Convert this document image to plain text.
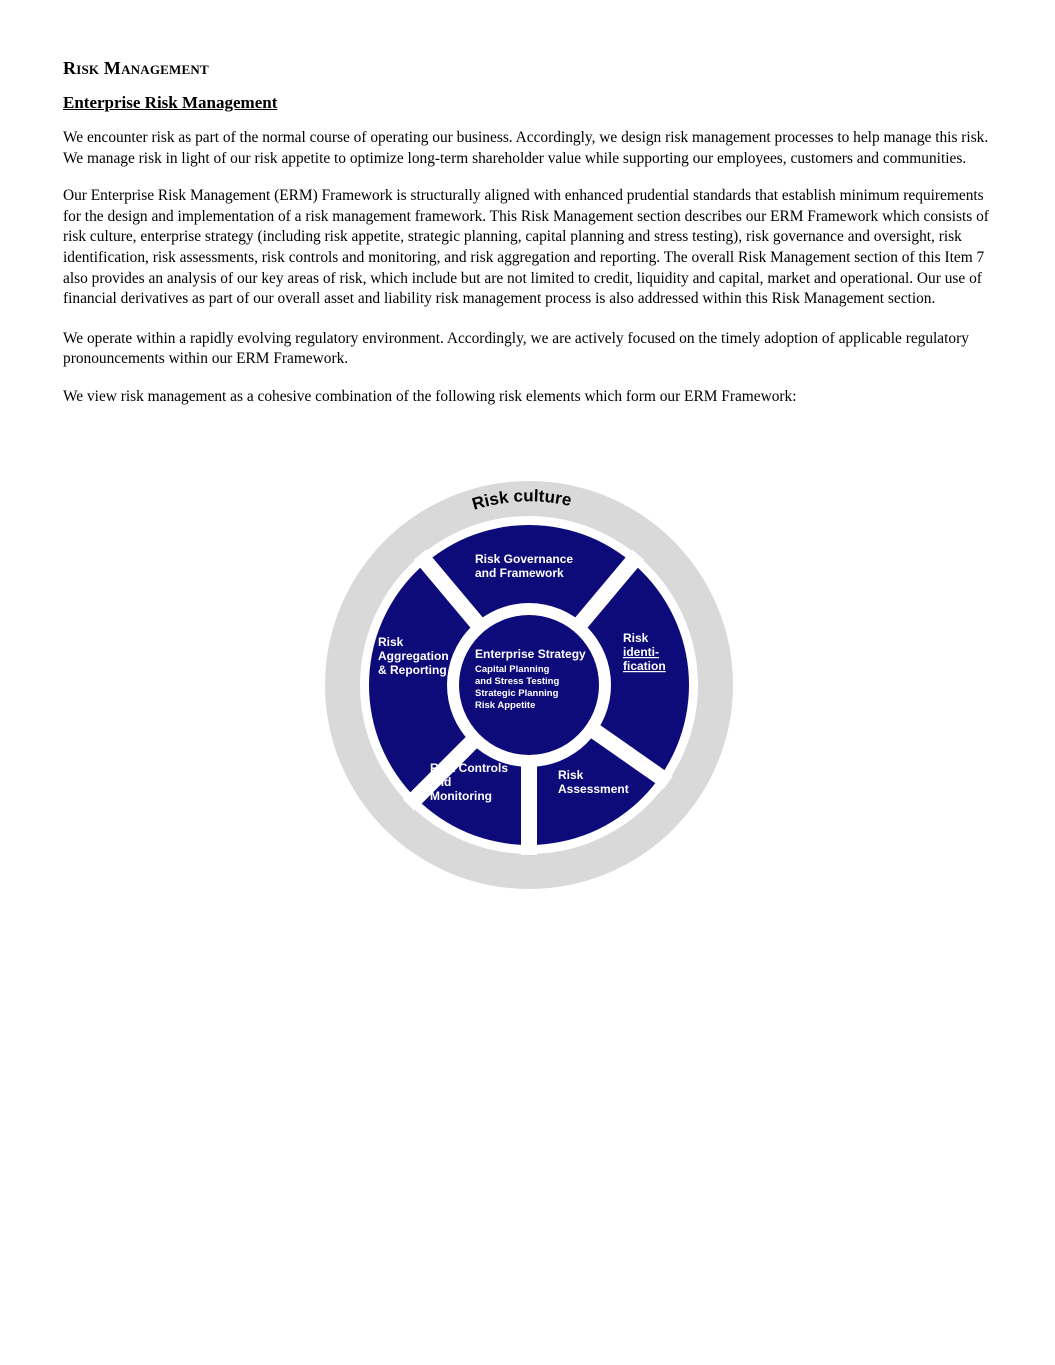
Risk Management
Enterprise Risk Management

We encounter risk as part of the normal course of operating our business. Accordingly, we design risk management processes to help manage this risk. We manage risk in light of our risk appetite to optimize long-term shareholder value while supporting our employees, customers and communities.

Our Enterprise Risk Management (ERM) Framework is structurally aligned with enhanced prudential standards that establish minimum requirements for the design and implementation of a risk management framework. This Risk Management section describes our ERM Framework which consists of risk culture, enterprise strategy (including risk appetite, strategic planning, capital planning and stress testing), risk governance and oversight, risk identification, risk assessments, risk controls and monitoring, and risk aggregation and reporting. The overall Risk Management section of this Item 7 also provides an analysis of our key areas of risk, which include but are not limited to credit, liquidity and capital, market and operational. Our use of financial derivatives as part of our overall asset and liability risk management process is also addressed within this Risk Management section.

We operate within a rapidly evolving regulatory environment. Accordingly, we are actively focused on the timely adoption of applicable regulatory pronouncements within our ERM Framework.

We view risk management as a cohesive combination of the following risk elements which form our ERM Framework:

Risk culture
Enterprise Strategy
Capital Planning
and Stress Testing
Strategic Planning
Risk Appetite
Risk Governance
and Framework
Risk
identi-
fication
Risk
Assessment
Risk Controls
and
Monitoring
Risk
Aggregation
& Reporting
